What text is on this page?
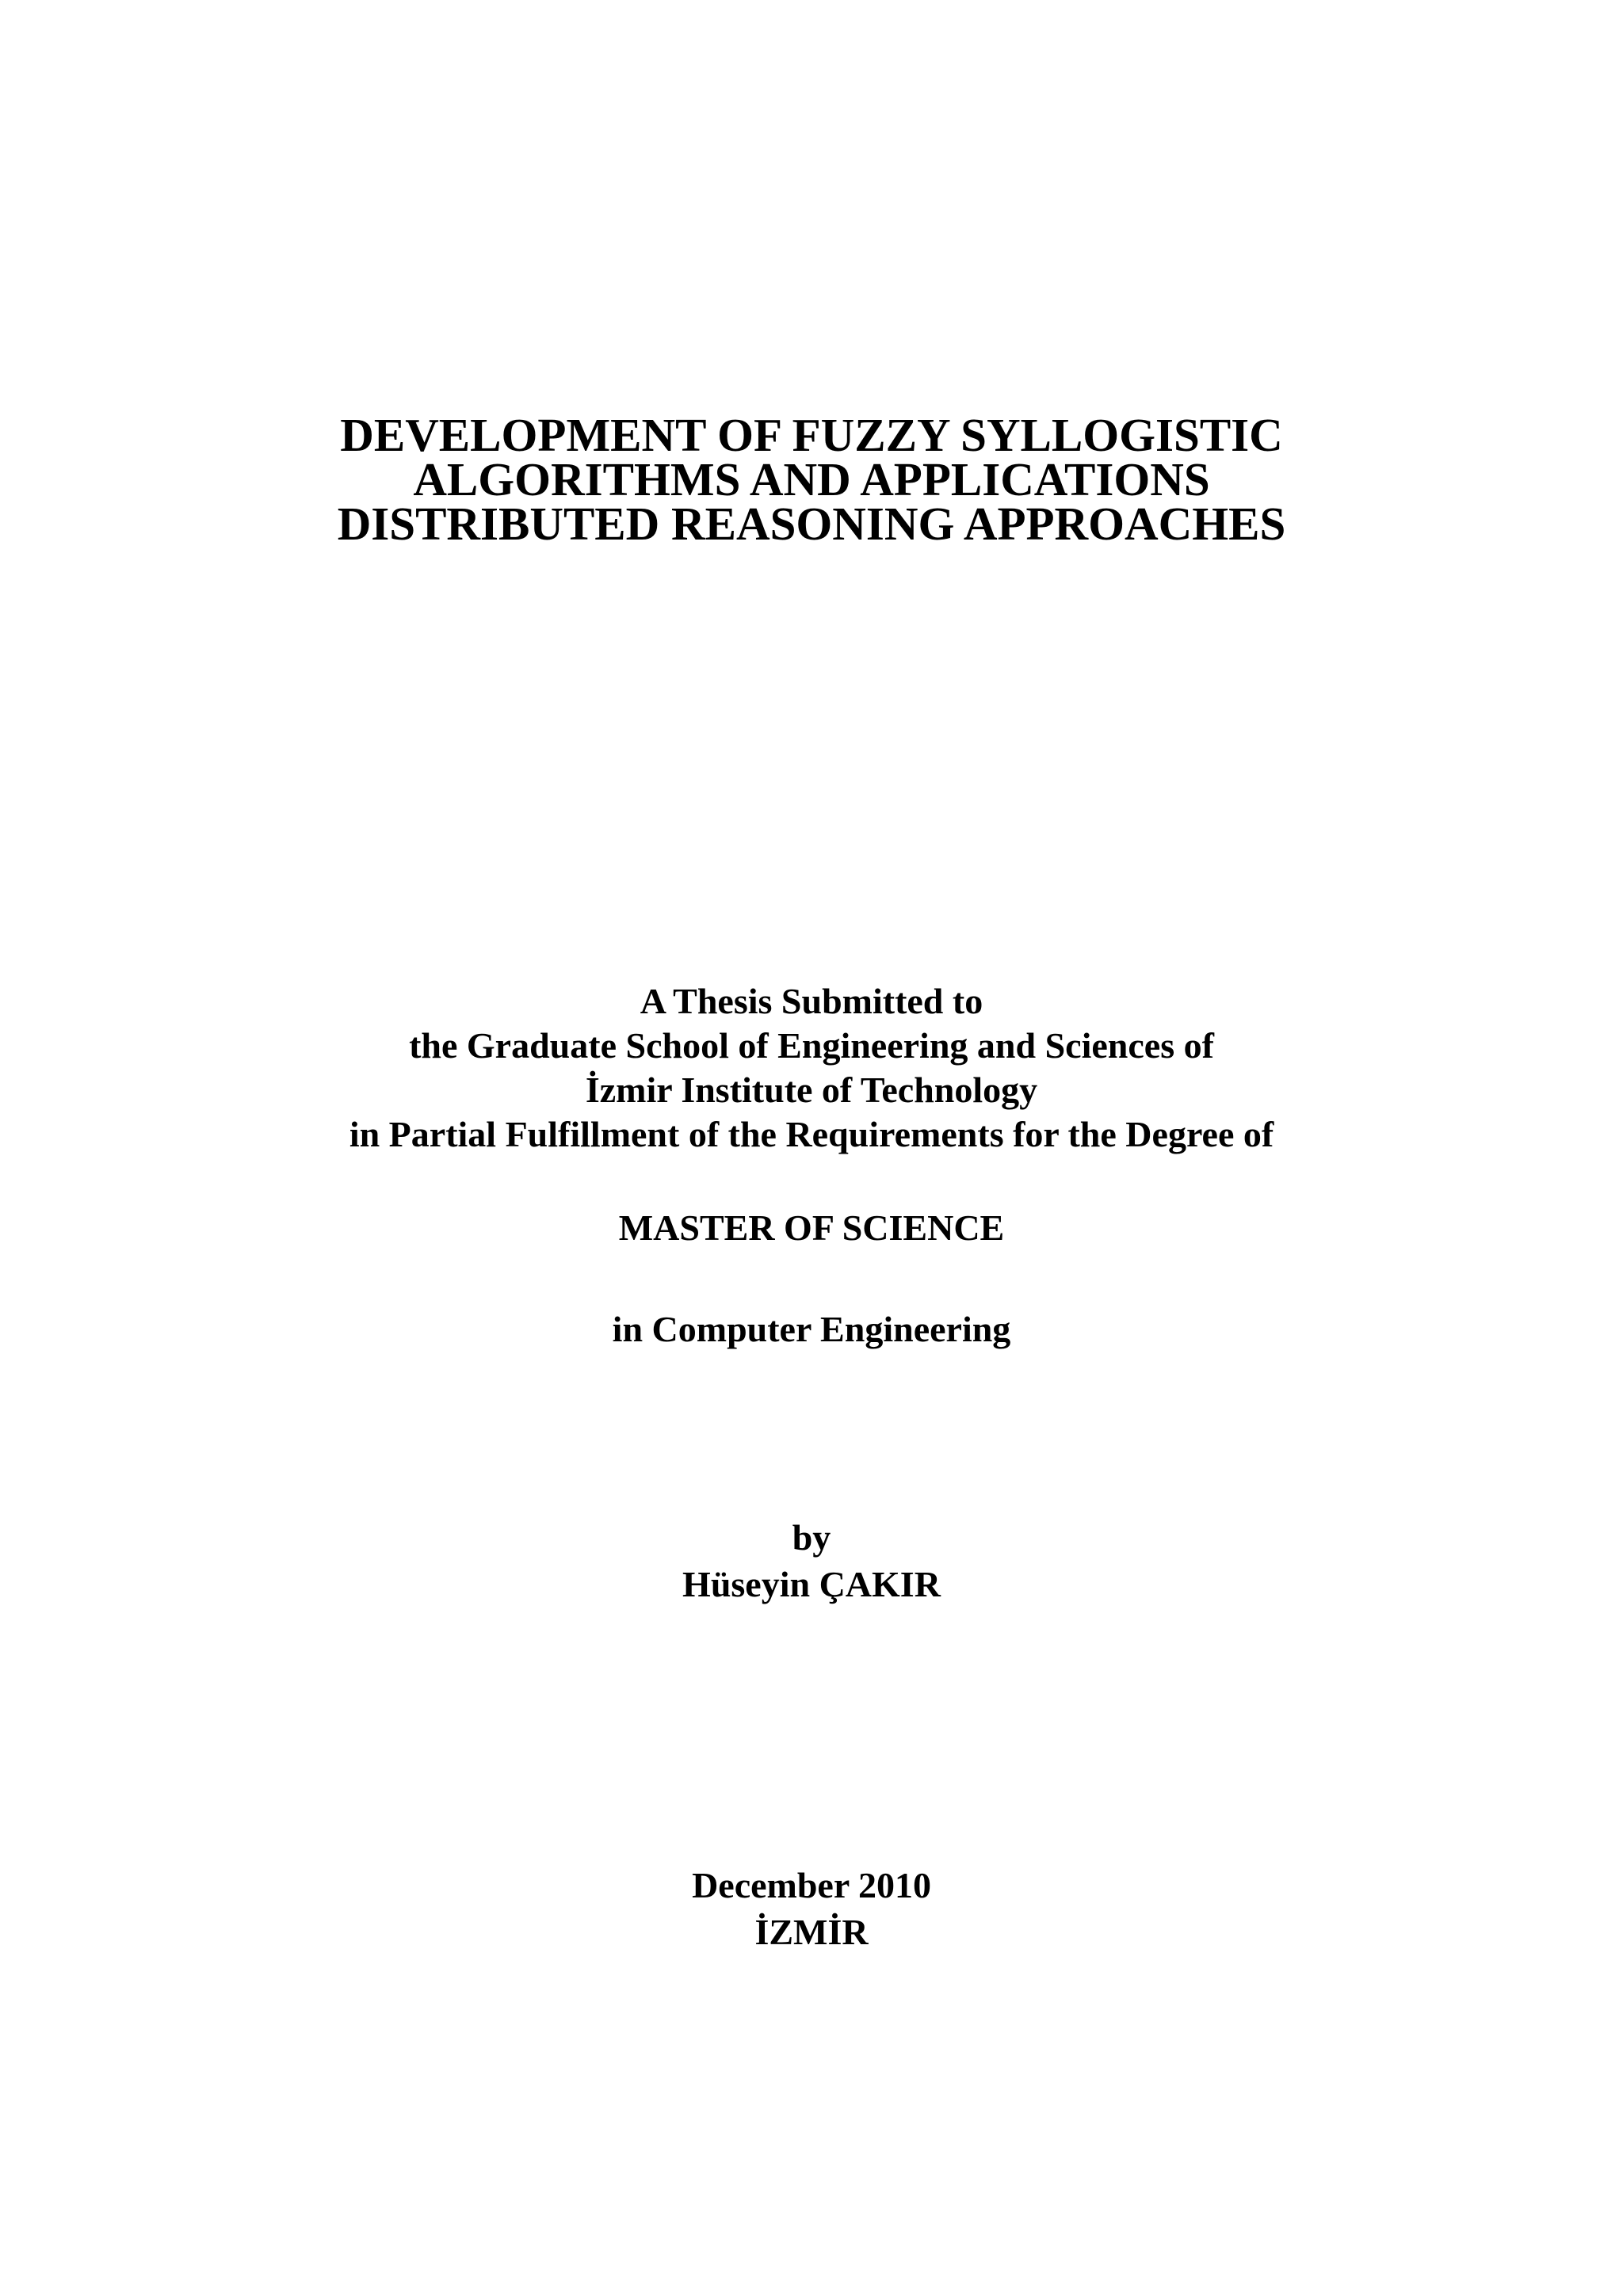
DEVELOPMENT OF FUZZY SYLLOGISTIC
ALGORITHMS AND APPLICATIONS
DISTRIBUTED REASONING APPROACHES
A Thesis Submitted to
the Graduate School of Engineering and Sciences of
İzmir Institute of Technology
in Partial Fulfillment of the Requirements for the Degree of
MASTER OF SCIENCE
in Computer Engineering
by
Hüseyin ÇAKIR
December 2010
İZMİR
